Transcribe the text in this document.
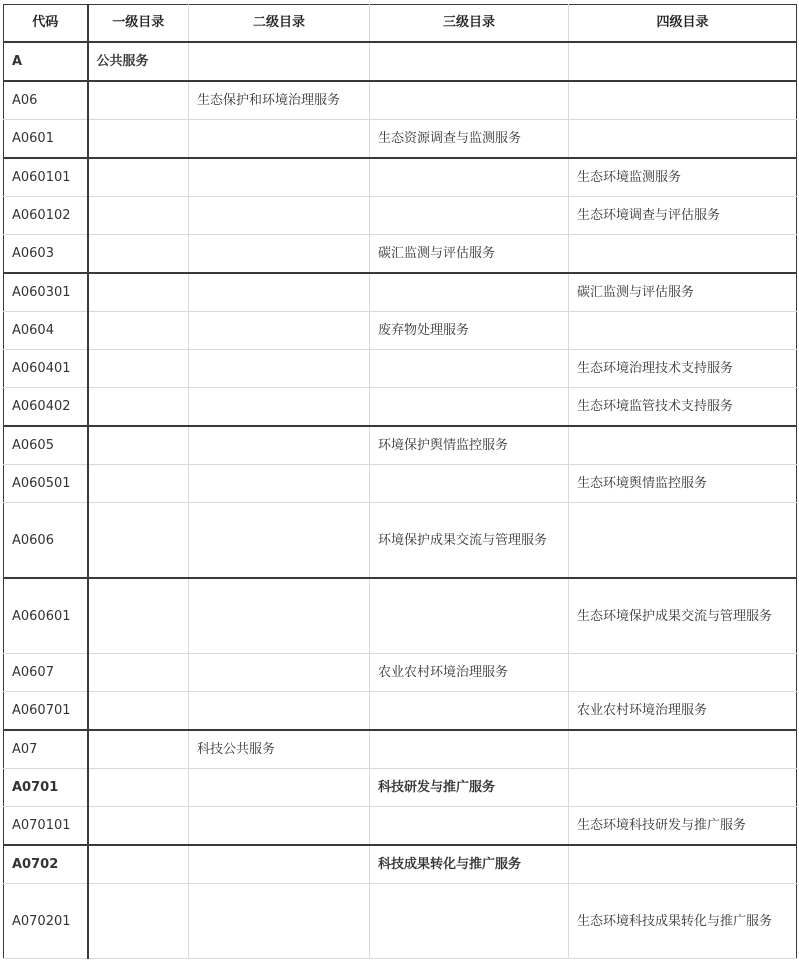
代码	一级目录	二级目录	三级目录	四级目录
A	公共服务			
A06		生态保护和环境治理服务		
A0601			生态资源调查与监测服务	
A060101				生态环境监测服务
A060102				生态环境调查与评估服务
A0603			碳汇监测与评估服务	
A060301				碳汇监测与评估服务
A0604			废弃物处理服务	
A060401				生态环境治理技术支持服务
A060402				生态环境监管技术支持服务
A0605			环境保护舆情监控服务	
A060501				生态环境舆情监控服务
A0606			环境保护成果交流与管理服务	
A060601				生态环境保护成果交流与管理服务
A0607			农业农村环境治理服务	
A060701				农业农村环境治理服务
A07		科技公共服务		
A0701			科技研发与推广服务	
A070101				生态环境科技研发与推广服务
A0702			科技成果转化与推广服务	
A070201				生态环境科技成果转化与推广服务
